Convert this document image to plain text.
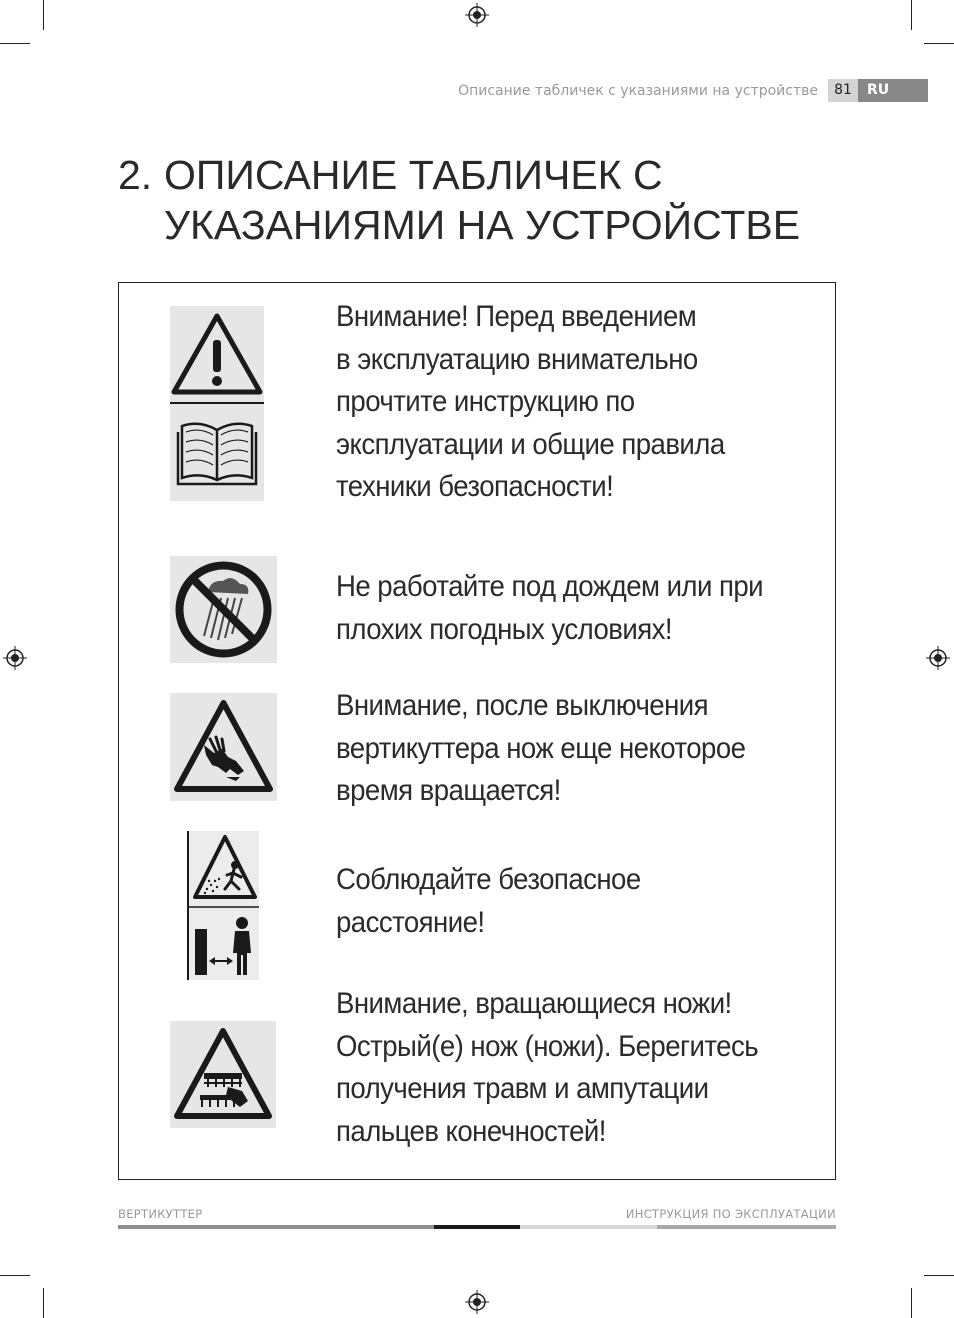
Описание табличек с указаниями на устройстве	81	RU
2. ОПИСАНИЕ ТАБЛИЧЕК С
УКАЗАНИЯМИ НА УСТРОЙСТВЕ
Внимание! Перед введением
в эксплуатацию внимательно
прочтите инструкцию по
эксплуатации и общие правила
техники безопасности!
Не работайте под дождем или при
плохих погодных условиях!
Внимание, после выключения
вертикуттера нож еще некоторое
время вращается!
Соблюдайте безопасное
расстояние!
Внимание, вращающиеся ножи!
Острый(е) нож (ножи). Берегитесь
получения травм и ампутации
пальцев конечностей!
ВЕРТИКУТТЕР	ИНСТРУКЦИЯ ПО ЭКСПЛУАТАЦИИ
